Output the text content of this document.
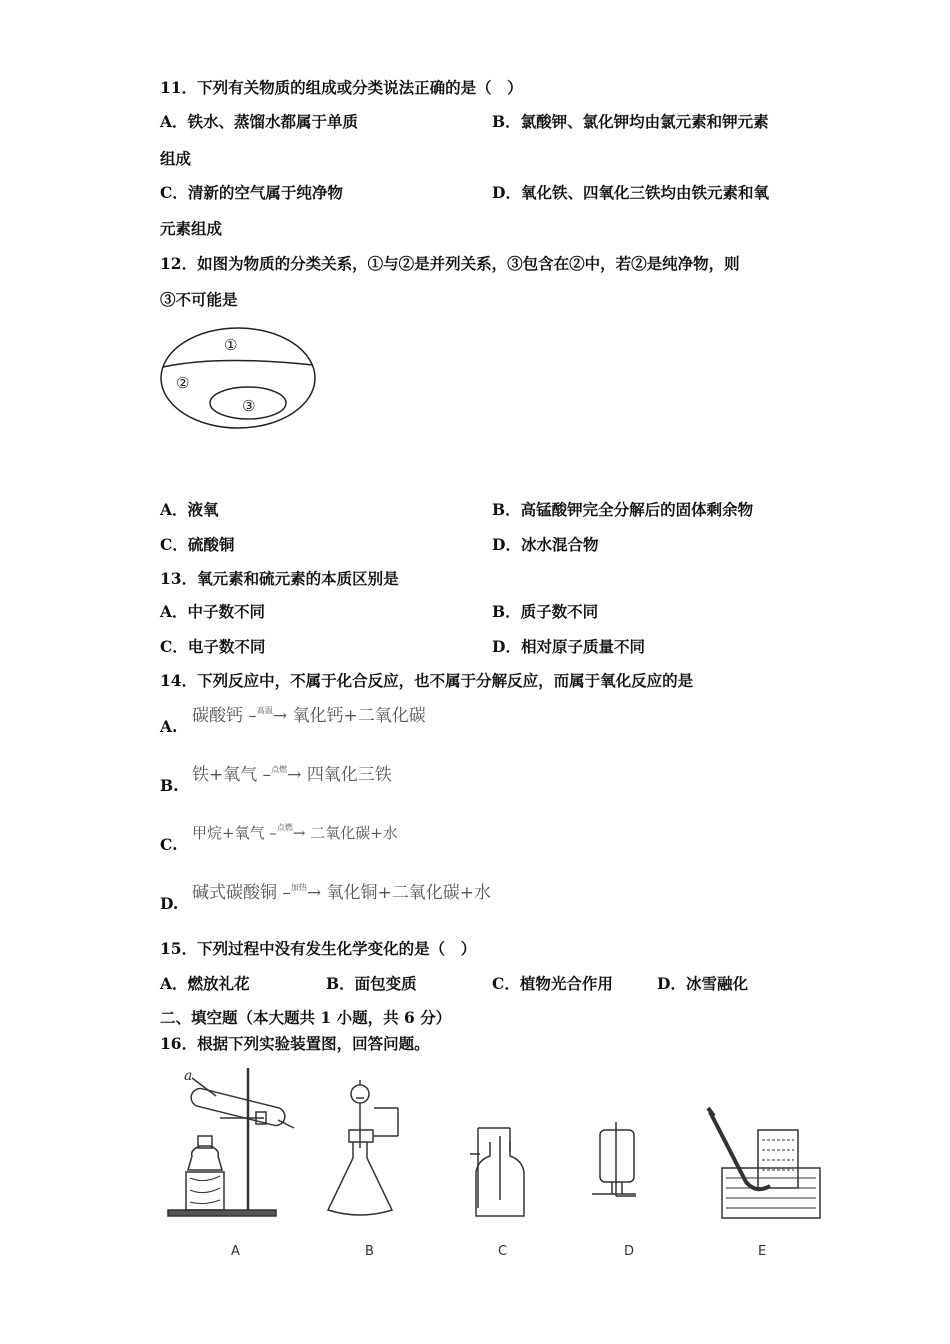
11．下列有关物质的组成或分类说法正确的是（　）
A．铁水、蒸馏水都属于单质	B．氯酸钾、氯化钾均由氯元素和钾元素
组成
C．清新的空气属于纯净物	D．氧化铁、四氧化三铁均由铁元素和氧
元素组成
12．如图为物质的分类关系，①与②是并列关系，③包含在②中，若②是纯净物，则
③不可能是
①
②
③
A．液氧	B．高锰酸钾完全分解后的固体剩余物
C．硫酸铜	D．冰水混合物
13．氧元素和硫元素的本质区别是
A．中子数不同	B．质子数不同
C．电子数不同	D．相对原子质量不同
14．下列反应中，不属于化合反应，也不属于分解反应，而属于氧化反应的是
A.
碳酸钙 –$^{高温}$→ 氧化钙+二氧化碳
B.
铁+氧气 –$^{点燃}$→ 四氧化三铁
C.
甲烷+氧气 –$^{点燃}$→ 二氧化碳+水
D.
碱式碳酸铜 –$^{加热}$→ 氧化铜+二氧化碳+水
15．下列过程中没有发生化学变化的是（　）
A．燃放礼花	B．面包变质	C．植物光合作用	D．冰雪融化
二、填空题（本大题共 1 小题，共 6 分）
16．根据下列实验装置图，回答问题。
a
A	B	C	D	E
